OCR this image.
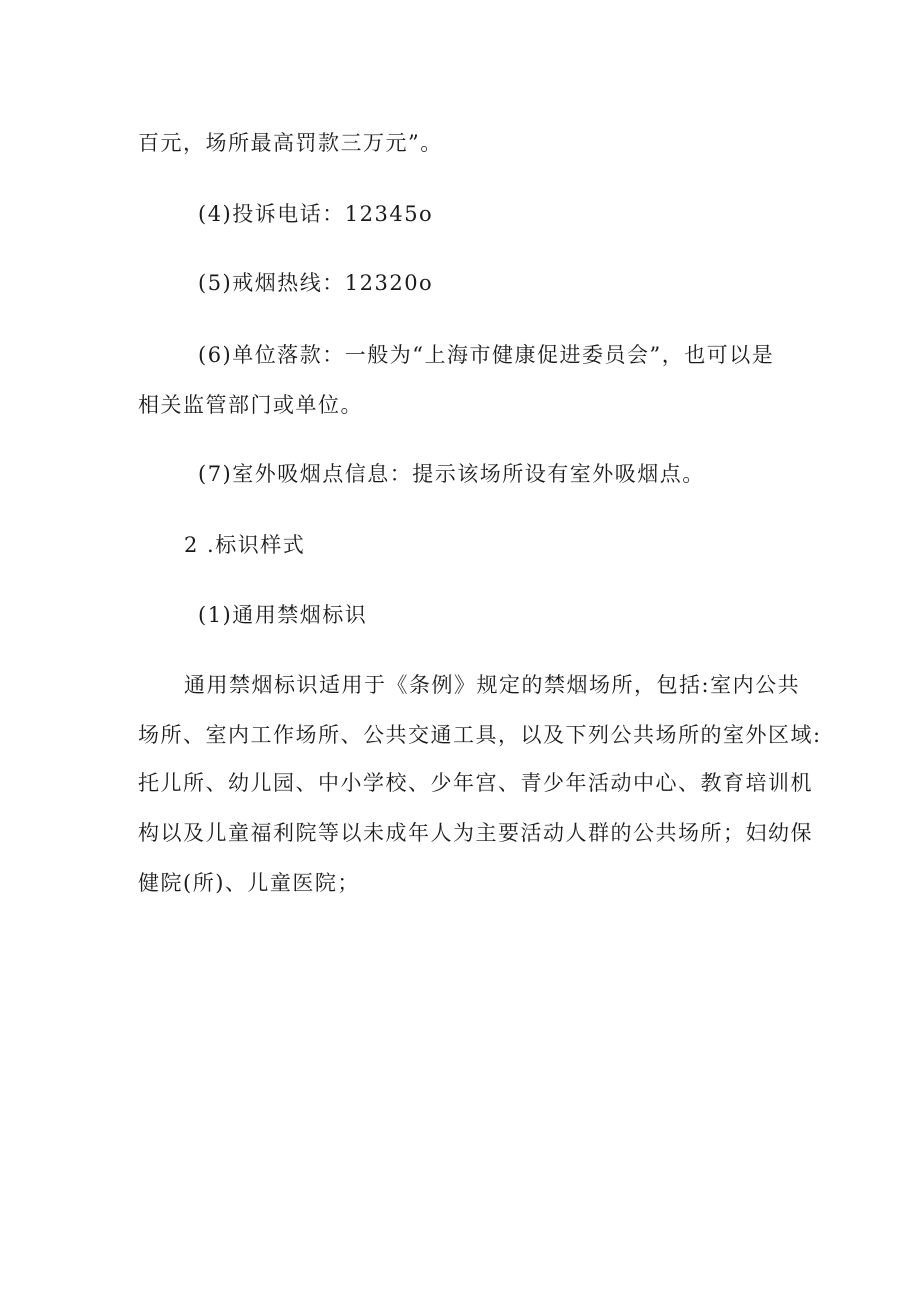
百元，场所最高罚款三万元”。
(4)投诉电话：12345o
(5)戒烟热线：12320o
(6)单位落款：一般为“上海市健康促进委员会”，也可以是
相关监管部门或单位。
(7)室外吸烟点信息：提示该场所设有室外吸烟点。
2 .标识样式
(1)通用禁烟标识
通用禁烟标识适用于《条例》规定的禁烟场所，包括:室内公共
场所、室内工作场所、公共交通工具，以及下列公共场所的室外区域:
托儿所、幼儿园、中小学校、少年宫、青少年活动中心、教育培训机
构以及儿童福利院等以未成年人为主要活动人群的公共场所；妇幼保
健院(所)、儿童医院；
